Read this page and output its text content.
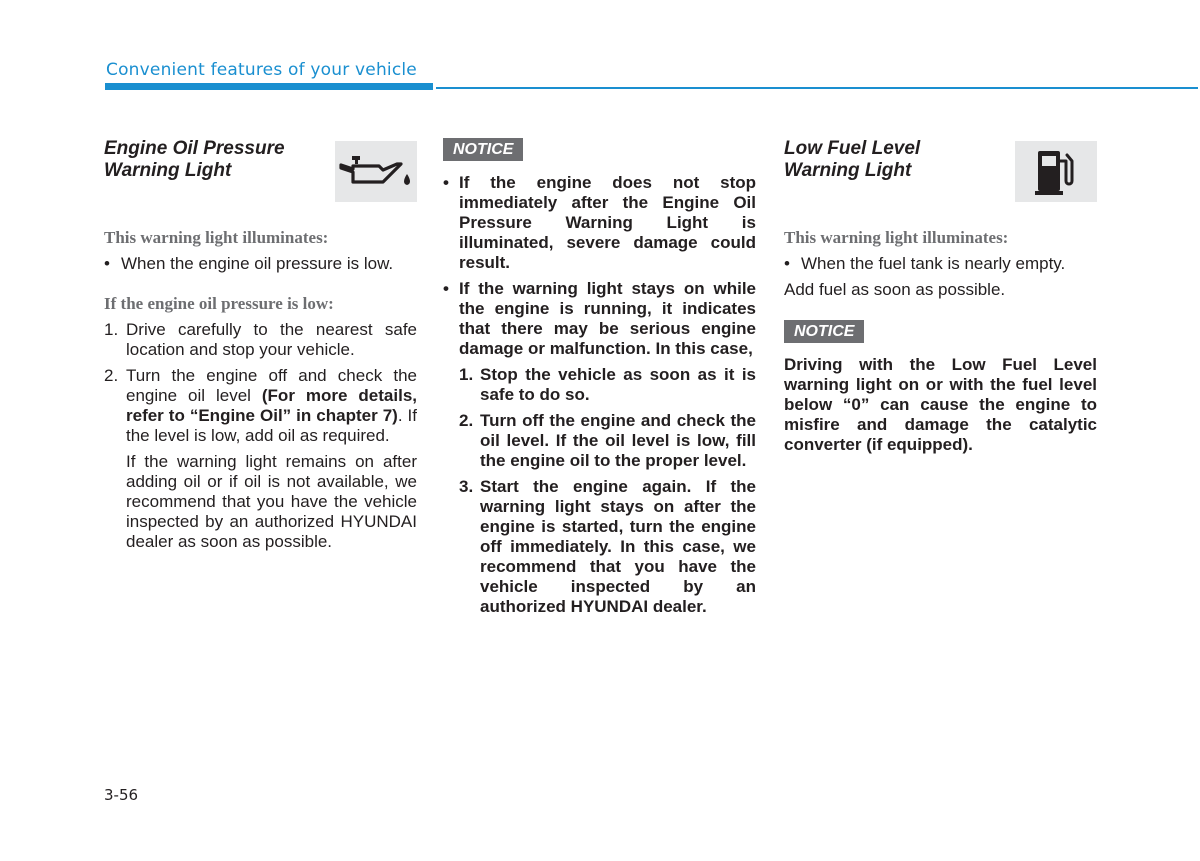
Convenient features of your vehicle
Engine Oil Pressure
Warning Light

This warning light illuminates:

• When the engine oil pressure is low.

If the engine oil pressure is low:

1. Drive carefully to the nearest safe location and stop your vehicle.

2. Turn the engine off and check the engine oil level (For more details, refer to “Engine Oil” in chapter 7). If the level is low, add oil as required.

If the warning light remains on after adding oil or if oil is not available, we recommend that you have the vehicle inspected by an authorized HYUNDAI dealer as soon as possible.

NOTICE

• If the engine does not stop immediately after the Engine Oil Pressure Warning Light is illuminated, severe damage could result.

• If the warning light stays on while the engine is running, it indicates that there may be serious engine damage or malfunction. In this case,

1. Stop the vehicle as soon as it is safe to do so.

2. Turn off the engine and check the oil level. If the oil level is low, fill the engine oil to the proper level.

3. Start the engine again. If the warning light stays on after the engine is started, turn the engine off immediately. In this case, we recommend that you have the vehicle inspected by an authorized HYUNDAI dealer.

Low Fuel Level
Warning Light

This warning light illuminates:

• When the fuel tank is nearly empty.

Add fuel as soon as possible.

NOTICE

Driving with the Low Fuel Level warning light on or with the fuel level below “0” can cause the engine to misfire and damage the catalytic converter (if equipped).

3-56
